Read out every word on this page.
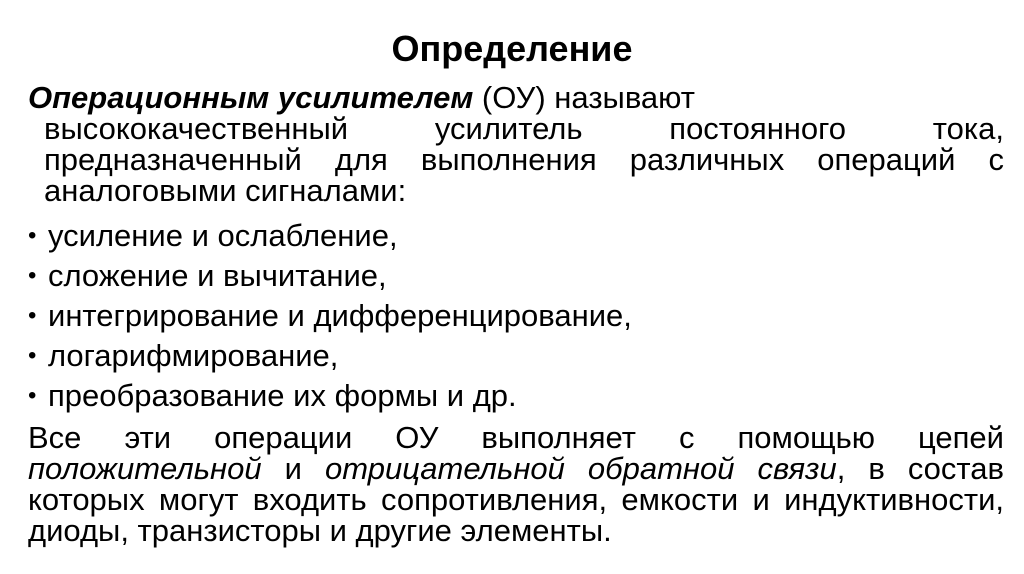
Определение
Операционным усилителем (ОУ) называют
высококачественный усилитель постоянного тока, предназначенный для выполнения различных операций с аналоговыми сигналами:
• усиление и ослабление,
• сложение и вычитание,
• интегрирование и дифференцирование,
• логарифмирование,
• преобразование их формы и др.
Все эти операции ОУ выполняет с помощью цепей положительной и отрицательной обратной связи, в состав которых могут входить сопротивления, емкости и индуктивности, диоды, транзисторы и другие элементы.
